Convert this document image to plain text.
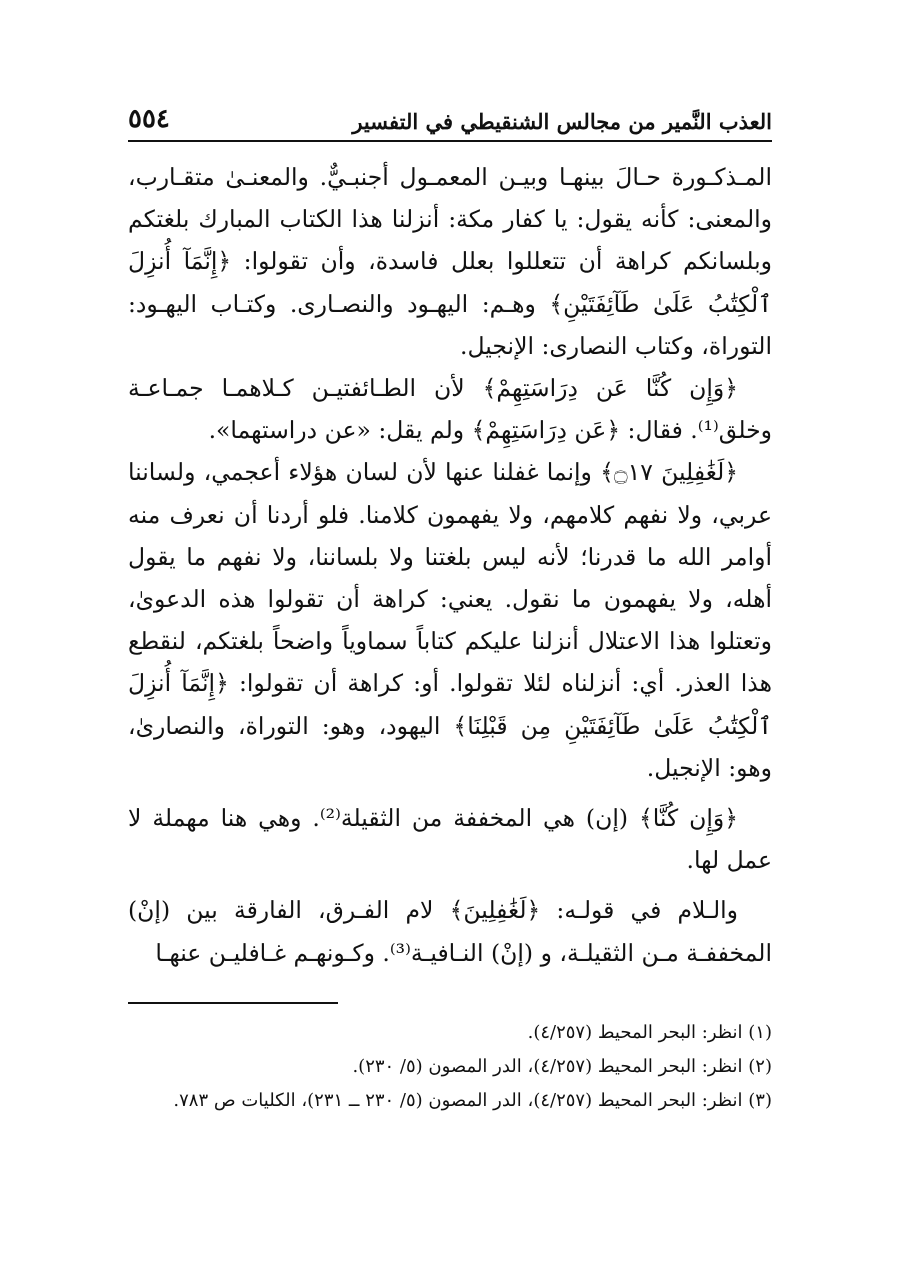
العذب النَّمير من مجالس الشنقيطي في التفسير
٥٥٤

المـذكـورة حـالَ بينهـا وبيـن المعمـول أجنبـيٌّ. والمعنـىٰ متقـارب، والمعنى: كأنه يقول: يا كفار مكة: أنزلنا هذا الكتاب المبارك بلغتكم وبلسانكم كراهة أن تتعللوا بعلل فاسدة، وأن تقولوا: ﴿إِنَّمَآ أُنزِلَ ٱلْكِتَٰبُ عَلَىٰ طَآئِفَتَيْنِ﴾ وهـم: اليهـود والنصـارى. وكتـاب اليهـود: التوراة، وكتاب النصارى: الإنجيل.

﴿وَإِن كُنَّا عَن دِرَاسَتِهِمْ﴾ لأن الطـائفتيـن كـلاهمـا جمـاعـة وخلق⁽¹⁾. فقال: ﴿عَن دِرَاسَتِهِمْ﴾ ولم يقل: «عن دراستهما».

﴿لَغَٰفِلِينَ ۝١٧﴾ وإنما غفلنا عنها لأن لسان هؤلاء أعجمي، ولساننا عربي، ولا نفهم كلامهم، ولا يفهمون كلامنا. فلو أردنا أن نعرف منه أوامر الله ما قدرنا؛ لأنه ليس بلغتنا ولا بلساننا، ولا نفهم ما يقول أهله، ولا يفهمون ما نقول. يعني: كراهة أن تقولوا هذه الدعوىٰ، وتعتلوا هذا الاعتلال أنزلنا عليكم كتاباً سماوياً واضحاً بلغتكم، لنقطع هذا العذر. أي: أنزلناه لئلا تقولوا. أو: كراهة أن تقولوا: ﴿إِنَّمَآ أُنزِلَ ٱلْكِتَٰبُ عَلَىٰ طَآئِفَتَيْنِ مِن قَبْلِنَا﴾ اليهود، وهو: التوراة، والنصارىٰ، وهو: الإنجيل.

﴿وَإِن كُنَّا﴾ (إن) هي المخففة من الثقيلة⁽²⁾. وهي هنا مهملة لا عمل لها.

والـلام في قولـه: ﴿لَغَٰفِلِينَ﴾ لام الفـرق، الفارقة بين (إنْ) المخففـة مـن الثقيلـة، و (إنْ) النـافيـة⁽³⁾. وكـونهـم غـافليـن عنهـا

(١) انظر: البحر المحيط (٤/٢٥٧).

(٢) انظر: البحر المحيط (٤/٢٥٧)، الدر المصون (٥/ ٢٣٠).

(٣) انظر: البحر المحيط (٤/٢٥٧)، الدر المصون (٥/ ٢٣٠ ــ ٢٣١)، الكليات ص ٧٨٣.
